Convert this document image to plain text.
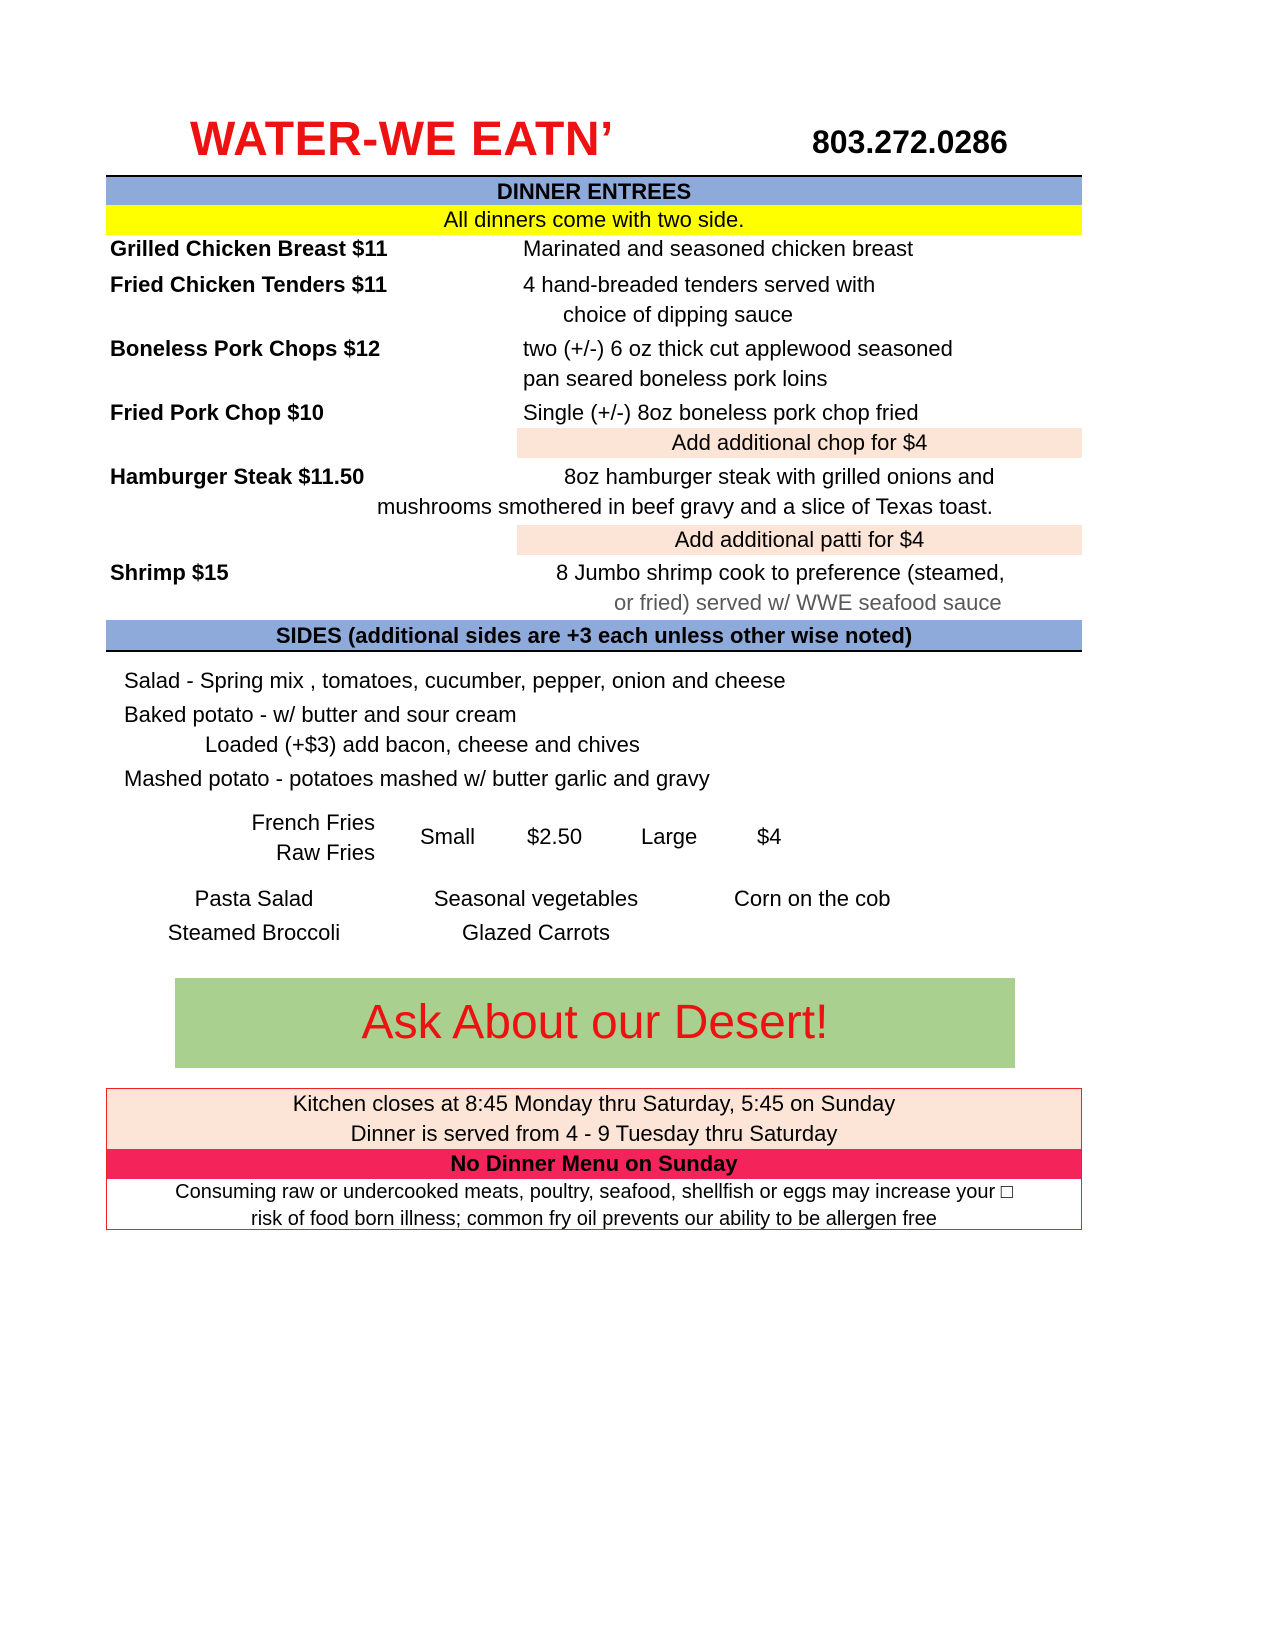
WATER-WE EATN’	803.272.0286
DINNER ENTREES
All dinners come with two side.
Grilled Chicken Breast $11	Marinated and seasoned chicken breast
Fried Chicken Tenders $11	4 hand-breaded tenders served with
choice of dipping sauce
Boneless Pork Chops $12	two (+/-) 6 oz thick cut applewood seasoned
pan seared boneless pork loins
Fried Pork Chop $10	Single (+/-) 8oz boneless pork chop fried
Add additional chop for $4
Hamburger Steak $11.50	8oz hamburger steak with grilled onions and
mushrooms smothered in beef gravy and a slice of Texas toast.
Add additional patti for $4
Shrimp $15	8 Jumbo shrimp cook to preference (steamed,
or fried) served w/ WWE seafood sauce
SIDES (additional sides are +3 each unless other wise noted)
Salad - Spring mix , tomatoes, cucumber, pepper, onion and cheese
Baked potato - w/ butter and sour cream
Loaded (+$3) add bacon, cheese and chives
Mashed potato - potatoes mashed w/ butter garlic and gravy
French Fries
Raw Fries
Small $2.50	Large	$4
Pasta Salad	Seasonal vegetables	Corn on the cob
Steamed Broccoli	Glazed Carrots
Ask About our Desert!
Kitchen closes at 8:45 Monday thru Saturday, 5:45 on Sunday
Dinner is served from 4 - 9 Tuesday thru Saturday
No Dinner Menu on Sunday
Consuming raw or undercooked meats, poultry, seafood, shellfish or eggs may increase your □
risk of food born illness; common fry oil prevents our ability to be allergen free
